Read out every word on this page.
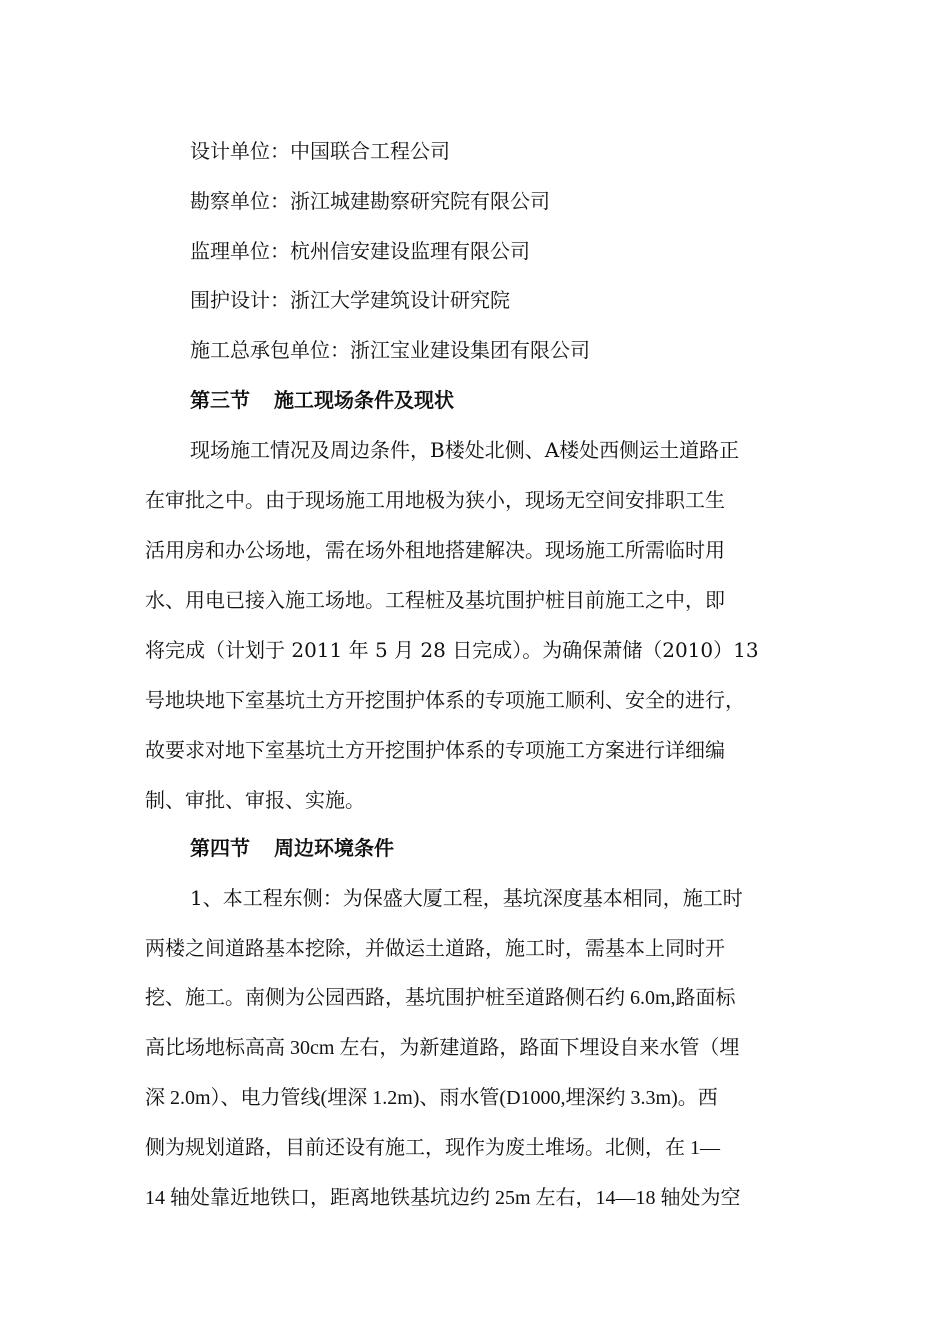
设计单位：中国联合工程公司
勘察单位：浙江城建勘察研究院有限公司
监理单位：杭州信安建设监理有限公司
围护设计：浙江大学建筑设计研究院
施工总承包单位：浙江宝业建设集团有限公司
第三节 施工现场条件及现状
现场施工情况及周边条件，B楼处北侧、A楼处西侧运土道路正
在审批之中。由于现场施工用地极为狭小，现场无空间安排职工生
活用房和办公场地，需在场外租地搭建解决。现场施工所需临时用
水、用电已接入施工场地。工程桩及基坑围护桩目前施工之中，即
将完成（计划于 2011 年 5 月 28 日完成）。为确保萧储（2010）13
号地块地下室基坑土方开挖围护体系的专项施工顺利、安全的进行，
故要求对地下室基坑土方开挖围护体系的专项施工方案进行详细编
制、审批、审报、实施。
第四节 周边环境条件
1、本工程东侧：为保盛大厦工程，基坑深度基本相同，施工时
两楼之间道路基本挖除，并做运土道路，施工时，需基本上同时开
挖、施工。南侧为公园西路，基坑围护桩至道路侧石约 6.0m,路面标
高比场地标高高 30cm 左右，为新建道路，路面下埋设自来水管（埋
深 2.0m）、电力管线(埋深 1.2m)、雨水管(D1000,埋深约 3.3m)。西
侧为规划道路，目前还设有施工，现作为废土堆场。北侧，在 1—
14 轴处靠近地铁口，距离地铁基坑边约 25m 左右，14—18 轴处为空
